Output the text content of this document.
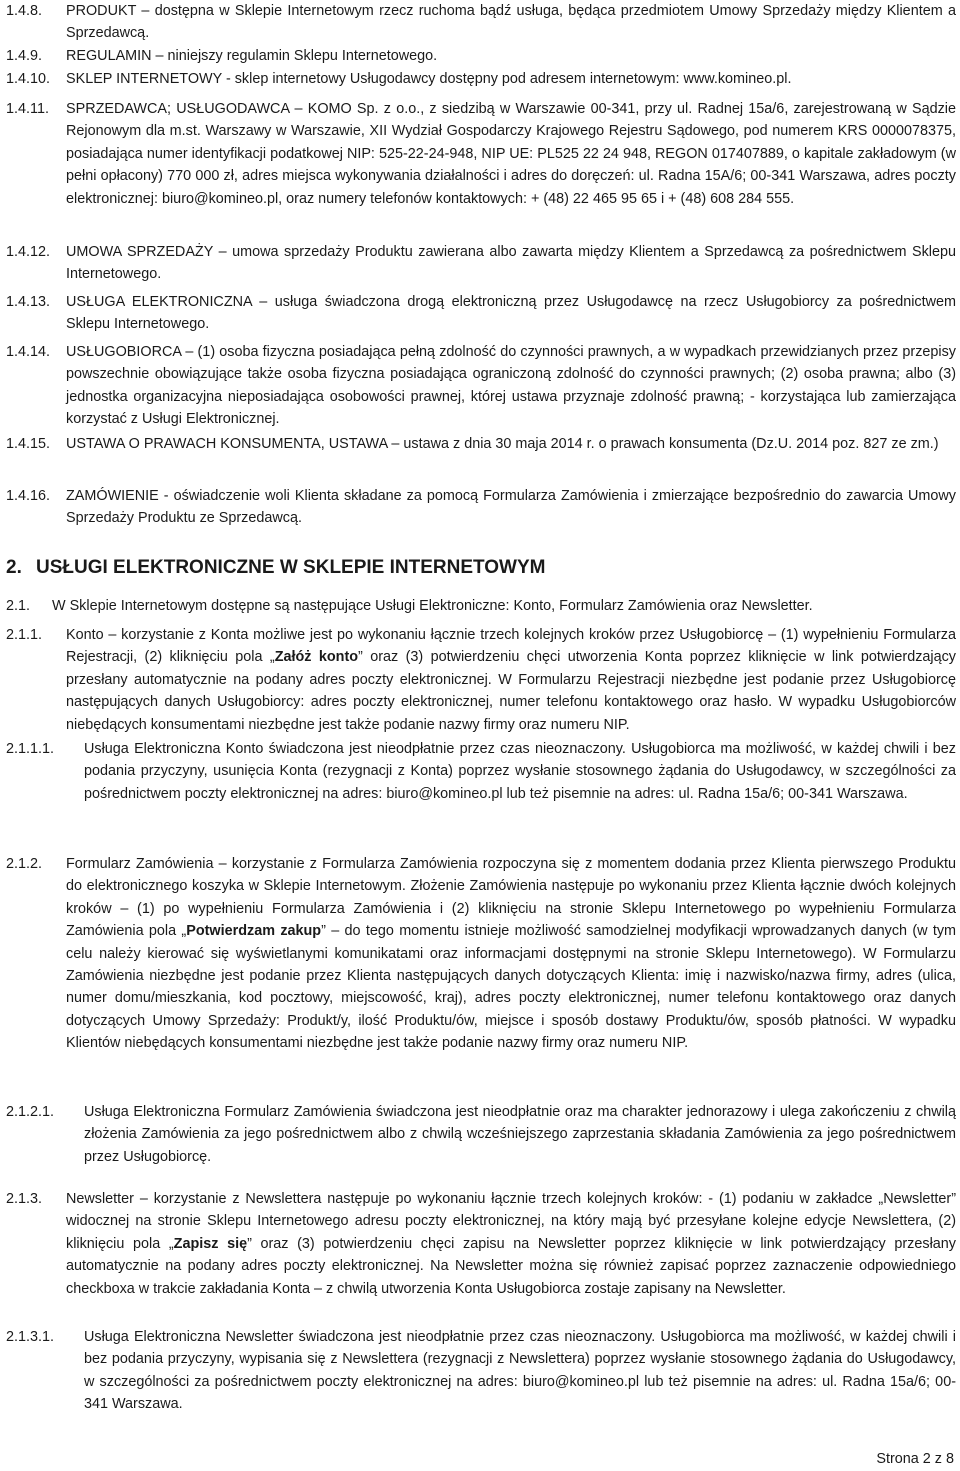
1.4.8. PRODUKT – dostępna w Sklepie Internetowym rzecz ruchoma bądź usługa, będąca przedmiotem Umowy Sprzedaży między Klientem a Sprzedawcą.
1.4.9. REGULAMIN – niniejszy regulamin Sklepu Internetowego.
1.4.10. SKLEP INTERNETOWY - sklep internetowy Usługodawcy dostępny pod adresem internetowym: www.komineo.pl.
1.4.11. SPRZEDAWCA; USŁUGODAWCA – KOMO Sp. z o.o., z siedzibą w Warszawie 00-341, przy ul. Radnej 15a/6, zarejestrowaną w Sądzie Rejonowym dla m.st. Warszawy w Warszawie, XII Wydział Gospodarczy Krajowego Rejestru Sądowego, pod numerem KRS 0000078375, posiadająca numer identyfikacji podatkowej NIP: 525-22-24-948, NIP UE: PL525 22 24 948, REGON 017407889, o kapitale zakładowym (w pełni opłacony) 770 000 zł, adres miejsca wykonywania działalności i adres do doręczeń: ul. Radna 15A/6; 00-341 Warszawa, adres poczty elektronicznej: biuro@komineo.pl, oraz numery telefonów kontaktowych: + (48) 22 465 95 65 i + (48) 608 284 555.
1.4.12. UMOWA SPRZEDAŻY – umowa sprzedaży Produktu zawierana albo zawarta między Klientem a Sprzedawcą za pośrednictwem Sklepu Internetowego.
1.4.13. USŁUGA ELEKTRONICZNA – usługa świadczona drogą elektroniczną przez Usługodawcę na rzecz Usługobiorcy za pośrednictwem Sklepu Internetowego.
1.4.14. USŁUGOBIORCA – (1) osoba fizyczna posiadająca pełną zdolność do czynności prawnych, a w wypadkach przewidzianych przez przepisy powszechnie obowiązujące także osoba fizyczna posiadająca ograniczoną zdolność do czynności prawnych; (2) osoba prawna; albo (3) jednostka organizacyjna nieposiadająca osobowości prawnej, której ustawa przyznaje zdolność prawną; - korzystająca lub zamierzająca korzystać z Usługi Elektronicznej.
1.4.15. USTAWA O PRAWACH KONSUMENTA, USTAWA – ustawa z dnia 30 maja 2014 r. o prawach konsumenta (Dz.U. 2014 poz. 827 ze zm.)
1.4.16. ZAMÓWIENIE - oświadczenie woli Klienta składane za pomocą Formularza Zamówienia i zmierzające bezpośrednio do zawarcia Umowy Sprzedaży Produktu ze Sprzedawcą.
2. USŁUGI ELEKTRONICZNE W SKLEPIE INTERNETOWYM
2.1. W Sklepie Internetowym dostępne są następujące Usługi Elektroniczne: Konto, Formularz Zamówienia oraz Newsletter.
2.1.1. Konto – korzystanie z Konta możliwe jest po wykonaniu łącznie trzech kolejnych kroków przez Usługobiorcę – (1) wypełnieniu Formularza Rejestracji, (2) kliknięciu pola „Załóż konto” oraz (3) potwierdzeniu chęci utworzenia Konta poprzez kliknięcie w link potwierdzający przesłany automatycznie na podany adres poczty elektronicznej. W Formularzu Rejestracji niezbędne jest podanie przez Usługobiorcę następujących danych Usługobiorcy: adres poczty elektronicznej, numer telefonu kontaktowego oraz hasło. W wypadku Usługobiorców niebędących konsumentami niezbędne jest także podanie nazwy firmy oraz numeru NIP.
2.1.1.1. Usługa Elektroniczna Konto świadczona jest nieodpłatnie przez czas nieoznaczony. Usługobiorca ma możliwość, w każdej chwili i bez podania przyczyny, usunięcia Konta (rezygnacji z Konta) poprzez wysłanie stosownego żądania do Usługodawcy, w szczególności za pośrednictwem poczty elektronicznej na adres: biuro@komineo.pl lub też pisemnie na adres: ul. Radna 15a/6; 00-341 Warszawa.
2.1.2. Formularz Zamówienia – korzystanie z Formularza Zamówienia rozpoczyna się z momentem dodania przez Klienta pierwszego Produktu do elektronicznego koszyka w Sklepie Internetowym. Złożenie Zamówienia następuje po wykonaniu przez Klienta łącznie dwóch kolejnych kroków – (1) po wypełnieniu Formularza Zamówienia i (2) kliknięciu na stronie Sklepu Internetowego po wypełnieniu Formularza Zamówienia pola „Potwierdzam zakup” – do tego momentu istnieje możliwość samodzielnej modyfikacji wprowadzanych danych (w tym celu należy kierować się wyświetlanymi komunikatami oraz informacjami dostępnymi na stronie Sklepu Internetowego). W Formularzu Zamówienia niezbędne jest podanie przez Klienta następujących danych dotyczących Klienta: imię i nazwisko/nazwa firmy, adres (ulica, numer domu/mieszkania, kod pocztowy, miejscowość, kraj), adres poczty elektronicznej, numer telefonu kontaktowego oraz danych dotyczących Umowy Sprzedaży: Produkt/y, ilość Produktu/ów, miejsce i sposób dostawy Produktu/ów, sposób płatności. W wypadku Klientów niebędących konsumentami niezbędne jest także podanie nazwy firmy oraz numeru NIP.
2.1.2.1. Usługa Elektroniczna Formularz Zamówienia świadczona jest nieodpłatnie oraz ma charakter jednorazowy i ulega zakończeniu z chwilą złożenia Zamówienia za jego pośrednictwem albo z chwilą wcześniejszego zaprzestania składania Zamówienia za jego pośrednictwem przez Usługobiorcę.
2.1.3. Newsletter – korzystanie z Newslettera następuje po wykonaniu łącznie trzech kolejnych kroków: - (1) podaniu w zakładce „Newsletter” widocznej na stronie Sklepu Internetowego adresu poczty elektronicznej, na który mają być przesyłane kolejne edycje Newslettera, (2) kliknięciu pola „Zapisz się” oraz (3) potwierdzeniu chęci zapisu na Newsletter poprzez kliknięcie w link potwierdzający przesłany automatycznie na podany adres poczty elektronicznej. Na Newsletter można się również zapisać poprzez zaznaczenie odpowiedniego checkboxa w trakcie zakładania Konta – z chwilą utworzenia Konta Usługobiorca zostaje zapisany na Newsletter.
2.1.3.1. Usługa Elektroniczna Newsletter świadczona jest nieodpłatnie przez czas nieoznaczony. Usługobiorca ma możliwość, w każdej chwili i bez podania przyczyny, wypisania się z Newslettera (rezygnacji z Newslettera) poprzez wysłanie stosownego żądania do Usługodawcy, w szczególności za pośrednictwem poczty elektronicznej na adres: biuro@komineo.pl lub też pisemnie na adres: ul. Radna 15a/6; 00-341 Warszawa.
Strona 2 z 8
